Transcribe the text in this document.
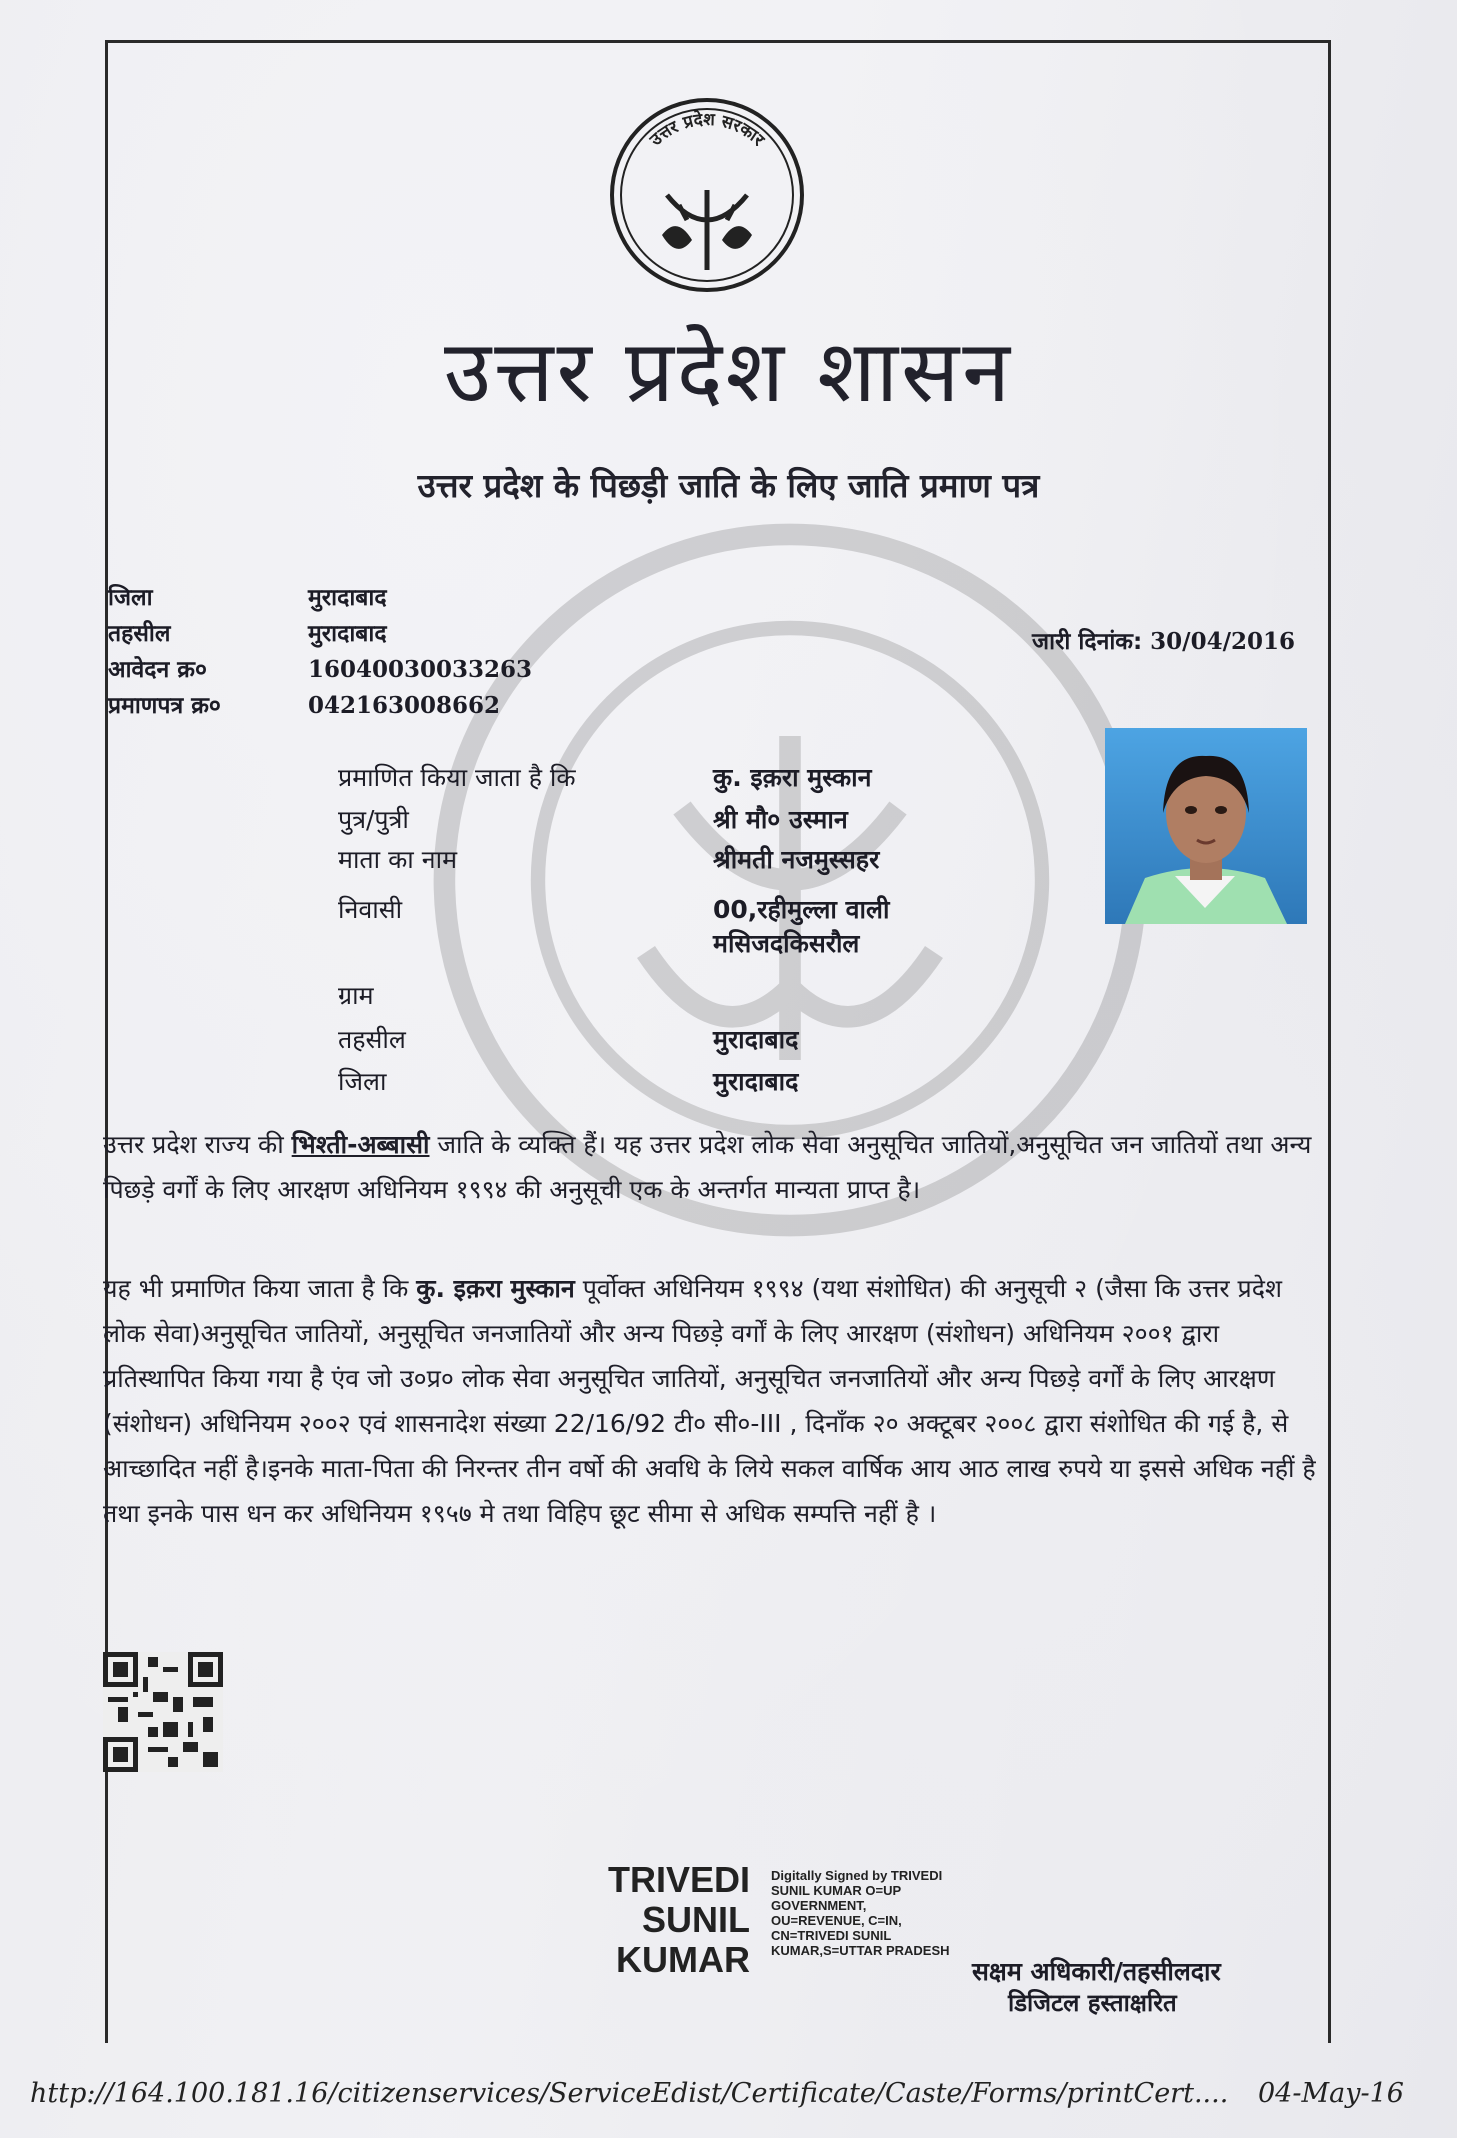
उत्तर प्रदेश सरकार
उत्तर प्रदेश शासन
उत्तर प्रदेश के पिछड़ी जाति के लिए जाति प्रमाण पत्र
जिला	मुरादाबाद
तहसील	मुरादाबाद
आवेदन क्र०	16040030033263
प्रमाणपत्र क्र०	042163008662
जारी दिनांक: 30/04/2016
प्रमाणित किया जाता है कि	कु. इक़रा मुस्कान
पुत्र/पुत्री	श्री मौ० उस्मान
माता का नाम	श्रीमती नजमुस्सहर
निवासी	00,रहीमुल्ला वाली
मसिजदकिसरौल
ग्राम
तहसील	मुरादाबाद
जिला	मुरादाबाद
उत्तर प्रदेश राज्य की भिश्ती-अब्बासी जाति के व्यक्ति हैं। यह उत्तर प्रदेश लोक सेवा अनुसूचित जातियों,अनुसूचित जन जातियों तथा अन्य पिछड़े वर्गों के लिए आरक्षण अधिनियम १९९४ की अनुसूची एक के अन्तर्गत मान्यता प्राप्त है।
यह भी प्रमाणित किया जाता है कि कु. इक़रा मुस्कान पूर्वोक्त अधिनियम १९९४ (यथा संशोधित) की अनुसूची २ (जैसा कि उत्तर प्रदेश लोक सेवा)अनुसूचित जातियों, अनुसूचित जनजातियों और अन्य पिछड़े वर्गों के लिए आरक्षण (संशोधन) अधिनियम २००१ द्वारा प्रतिस्थापित किया गया है एंव जो उ०प्र० लोक सेवा अनुसूचित जातियों, अनुसूचित जनजातियों और अन्य पिछड़े वर्गों के लिए आरक्षण (संशोधन) अधिनियम २००२ एवं शासनादेश संख्या 22/16/92 टी० सी०-III , दिनाँक २० अक्टूबर २००८ द्वारा संशोधित की गई है, से आच्छादित नहीं है।इनके माता-पिता की निरन्तर तीन वर्षो की अवधि के लिये सकल वार्षिक आय आठ लाख रुपये या इससे अधिक नहीं है तथा इनके पास धन कर अधिनियम १९५७ मे तथा विहिप छूट सीमा से अधिक सम्पत्ति नहीं है ।
TRIVEDI
SUNIL
KUMAR
Digitally Signed by TRIVEDI SUNIL KUMAR O=UP GOVERNMENT, OU=REVENUE, C=IN, CN=TRIVEDI SUNIL KUMAR,S=UTTAR PRADESH
सक्षम अधिकारी/तहसीलदार
डिजिटल हस्ताक्षरित
http://164.100.181.16/citizenservices/ServiceEdist/Certificate/Caste/Forms/printCert.... 04-May-16
